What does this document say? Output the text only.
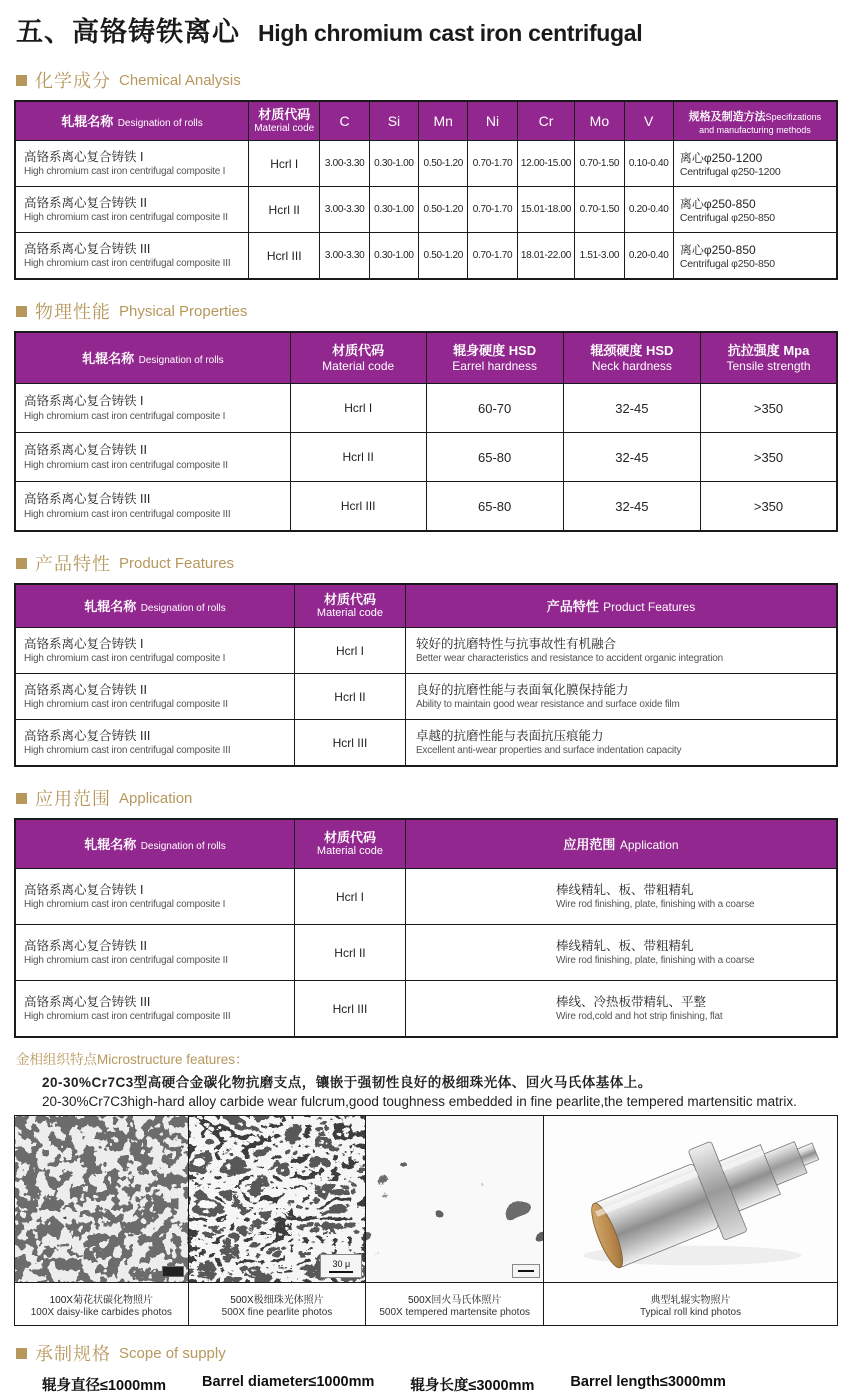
五、高铬铸铁离心 High chromium cast iron centrifugal
化学成分 Chemical Analysis
轧辊名称 Designation of rolls	材质代码
Material code	C	Si	Mn	Ni	Cr	Mo	V	规格及制造方法Specifizations
and manufacturing methods

高铬系离心复合铸铁 I
High chromium cast iron centrifugal composite I
	Hcrl I	3.00-3.30	0.30-1.00	0.50-1.20	0.70-1.70	12.00-15.00	0.70-1.50	0.10-0.40	离心φ250-1200
Centrifugal φ250-1200

高铬系离心复合铸铁 II
High chromium cast iron centrifugal composite II
	Hcrl II	3.00-3.30	0.30-1.00	0.50-1.20	0.70-1.70	15.01-18.00	0.70-1.50	0.20-0.40	离心φ250-850
Centrifugal φ250-850

高铬系离心复合铸铁 III
High chromium cast iron centrifugal composite III
	Hcrl III	3.00-3.30	0.30-1.00	0.50-1.20	0.70-1.70	18.01-22.00	1.51-3.00	0.20-0.40	离心φ250-850
Centrifugal φ250-850
物理性能 Physical Properties
轧辊名称 Designation of rolls	材质代码
Material code	辊身硬度 HSD
Earrel hardness	辊颈硬度 HSD
Neck hardness	抗拉强度 Mpa
Tensile strength

高铬系离心复合铸铁 I
High chromium cast iron centrifugal composite I	Hcrl I	60-70	32-45	>350

高铬系离心复合铸铁 II
High chromium cast iron centrifugal composite II	Hcrl II	65-80	32-45	>350

高铬系离心复合铸铁 III
High chromium cast iron centrifugal composite III	Hcrl III	65-80	32-45	>350
产品特性 Product Features
轧辊名称 Designation of rolls	材质代码
Material code	产品特性 Product Features

高铬系离心复合铸铁 I
High chromium cast iron centrifugal composite I
	Hcrl I	较好的抗磨特性与抗事故性有机融合
Better wear characteristics and resistance to accident organic integration

高铬系离心复合铸铁 II
High chromium cast iron centrifugal composite II
	Hcrl II	良好的抗磨性能与表面氧化膜保持能力
Ability to maintain good wear resistance and surface oxide film

高铬系离心复合铸铁 III
High chromium cast iron centrifugal composite III
	Hcrl III	卓越的抗磨性能与表面抗压痕能力
Excellent anti-wear properties and surface indentation capacity
应用范围 Application
轧辊名称 Designation of rolls	材质代码
Material code	应用范围 Application

高铬系离心复合铸铁 I
High chromium cast iron centrifugal composite I
	Hcrl I	棒线精轧、板、带粗精轧
Wire rod finishing, plate, finishing with a coarse

高铬系离心复合铸铁 II
High chromium cast iron centrifugal composite II
	Hcrl II	棒线精轧、板、带粗精轧
Wire rod finishing, plate, finishing with a coarse

高铬系离心复合铸铁 III
High chromium cast iron centrifugal composite III
	Hcrl III	棒线、冷热板带精轧、平整
Wire rod,cold and hot strip finishing, flat
金相组织特点Microstructure features：
20-30%Cr7C3型高硬合金碳化物抗磨支点，镶嵌于强韧性良好的极细珠光体、回火马氏体基体上。
20-30%Cr7C3high-hard alloy carbide wear fulcrum,good toughness embedded in fine pearlite,the tempered martensitic matrix.
100X菊花状碳化物照片
100X daisy-like carbides photos
30 μ
500X极细珠光体照片
500X fine pearlite photos
500X回火马氏体照片
500X tempered martensite photos
典型轧辊实物照片
Typical roll kind photos
承制规格 Scope of supply
辊身直径≤1000mm Barrel diameter≤1000mm 辊身长度≤3000mm Barrel length≤3000mm
